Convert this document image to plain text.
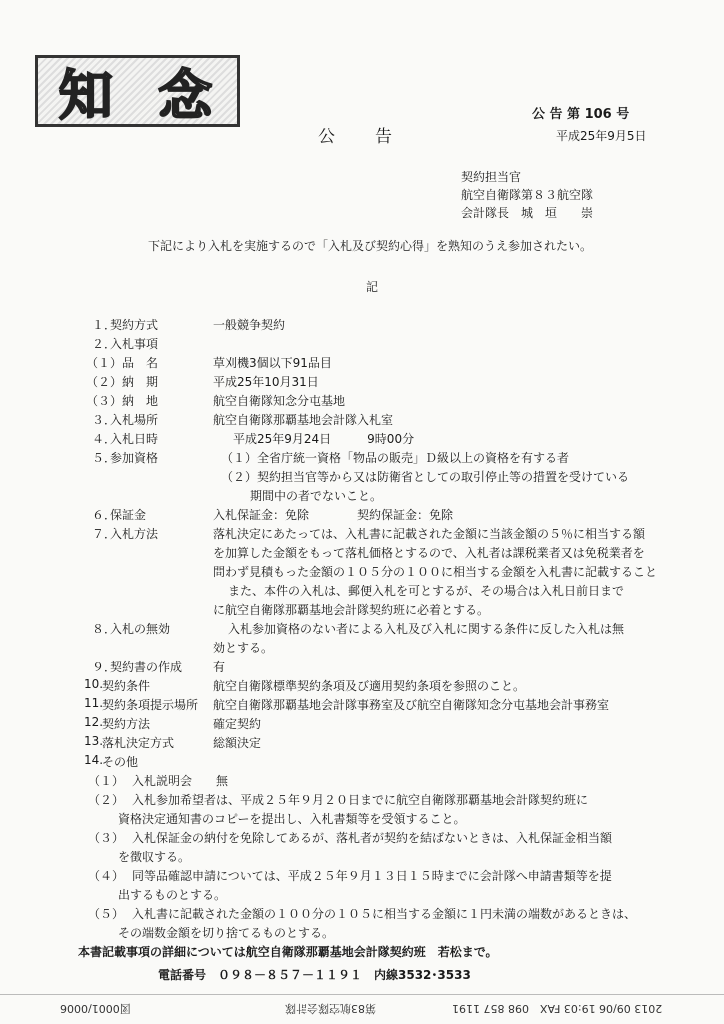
知 念	公 告 第 106 号
公　　告	平成25年9月5日
契約担当官
航空自衛隊第８３航空隊
会計隊長　城　垣　　崇
下記により入札を実施するので「入札及び契約心得」を熟知のうえ参加されたい。
記
１．
契約方式	一般競争契約
２．
入札事項
（１） 品　名	草刈機3個以下91品目
（２） 納　期	平成25年10月31日
（３） 納　地	航空自衛隊知念分屯基地
３．
入札場所	航空自衛隊那覇基地会計隊入札室
４．
入札日時	平成25年9月24日　　　9時00分
５．
参加資格	（１）全省庁統一資格「物品の販売」Ｄ級以上の資格を有する者
（２）契約担当官等から又は防衛省としての取引停止等の措置を受けている
期間中の者でないこと。
６．
保証金	入札保証金：免除　　　　契約保証金：免除
７．
入札方法	落札決定にあたっては、入札書に記載された金額に当該金額の５％に相当する額
を加算した金額をもって落札価格とするので、入札者は課税業者又は免税業者を
問わず見積もった金額の１０５分の１００に相当する金額を入札書に記載すること
また、本件の入札は、郵便入札を可とするが、その場合は入札日前日まで
に航空自衛隊那覇基地会計隊契約班に必着とする。
８．
入札の無効	入札参加資格のない者による入札及び入札に関する条件に反した入札は無
効とする。
９．
契約書の作成	有
10.
契約条件	航空自衛隊標準契約条項及び適用契約条項を参照のこと。
11.
契約条項提示場所 航空自衛隊那覇基地会計隊事務室及び航空自衛隊知念分屯基地会計事務室
12.
契約方法	確定契約
13.
落札決定方式	総額決定
14.
その他
（１） 入札説明会　　無
（２） 入札参加希望者は、平成２５年９月２０日までに航空自衛隊那覇基地会計隊契約班に
資格決定通知書のコピーを提出し、入札書類等を受領すること。
（３） 入札保証金の納付を免除してあるが、落札者が契約を結ばないときは、入札保証金相当額
を徴収する。
（４） 同等品確認申請については、平成２５年９月１３日１５時までに会計隊へ申請書類等を提
出するものとする。
（５） 入札書に記載された金額の１００分の１０５に相当する金額に１円未満の端数があるときは、
その端数金額を切り捨てるものとする。
本書記載事項の詳細については航空自衛隊那覇基地会計隊契約班　若松まで。
電話番号　０９８－８５７－１１９１　内線3532･3533
図0001/0006	第83航空隊会計隊	2013 09/06 19:03 FAX　098 857 1191
